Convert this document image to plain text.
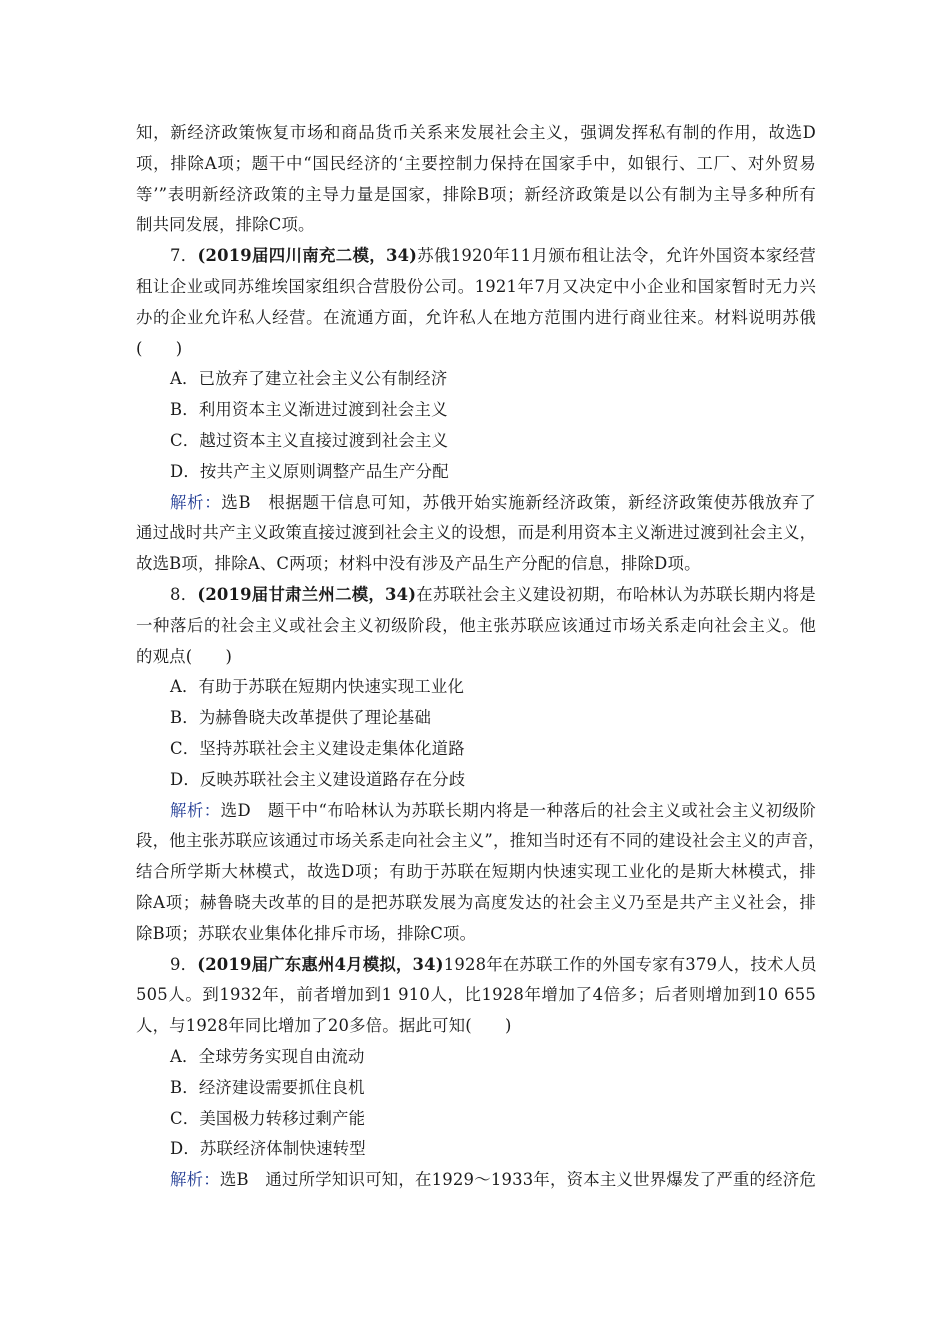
知，新经济政策恢复市场和商品货币关系来发展社会主义，强调发挥私有制的作用，故选D
项，排除A项；题干中“国民经济的‘主要控制力保持在国家手中，如银行、工厂、对外贸易
等’”表明新经济政策的主导力量是国家，排除B项；新经济政策是以公有制为主导多种所有
制共同发展，排除C项。
7．(2019届四川南充二模，34)苏俄1920年11月颁布租让法令，允许外国资本家经营
租让企业或同苏维埃国家组织合营股份公司。1921年7月又决定中小企业和国家暂时无力兴
办的企业允许私人经营。在流通方面，允许私人在地方范围内进行商业往来。材料说明苏俄
(　　)
A．已放弃了建立社会主义公有制经济
B．利用资本主义渐进过渡到社会主义
C．越过资本主义直接过渡到社会主义
D．按共产主义原则调整产品生产分配
解析：选B　根据题干信息可知，苏俄开始实施新经济政策，新经济政策使苏俄放弃了
通过战时共产主义政策直接过渡到社会主义的设想，而是利用资本主义渐进过渡到社会主义，
故选B项，排除A、C两项；材料中没有涉及产品生产分配的信息，排除D项。
8．(2019届甘肃兰州二模，34)在苏联社会主义建设初期，布哈林认为苏联长期内将是
一种落后的社会主义或社会主义初级阶段，他主张苏联应该通过市场关系走向社会主义。他
的观点(　　)
A．有助于苏联在短期内快速实现工业化
B．为赫鲁晓夫改革提供了理论基础
C．坚持苏联社会主义建设走集体化道路
D．反映苏联社会主义建设道路存在分歧
解析：选D　题干中“布哈林认为苏联长期内将是一种落后的社会主义或社会主义初级阶
段，他主张苏联应该通过市场关系走向社会主义”，推知当时还有不同的建设社会主义的声音，
结合所学斯大林模式，故选D项；有助于苏联在短期内快速实现工业化的是斯大林模式，排
除A项；赫鲁晓夫改革的目的是把苏联发展为高度发达的社会主义乃至是共产主义社会，排
除B项；苏联农业集体化排斥市场，排除C项。
9．(2019届广东惠州4月模拟，34)1928年在苏联工作的外国专家有379人，技术人员
505人。到1932年，前者增加到1 910人，比1928年增加了4倍多；后者则增加到10 655
人，与1928年同比增加了20多倍。据此可知(　　)
A．全球劳务实现自由流动
B．经济建设需要抓住良机
C．美国极力转移过剩产能
D．苏联经济体制快速转型
解析：选B　通过所学知识可知，在1929～1933年，资本主义世界爆发了严重的经济危
